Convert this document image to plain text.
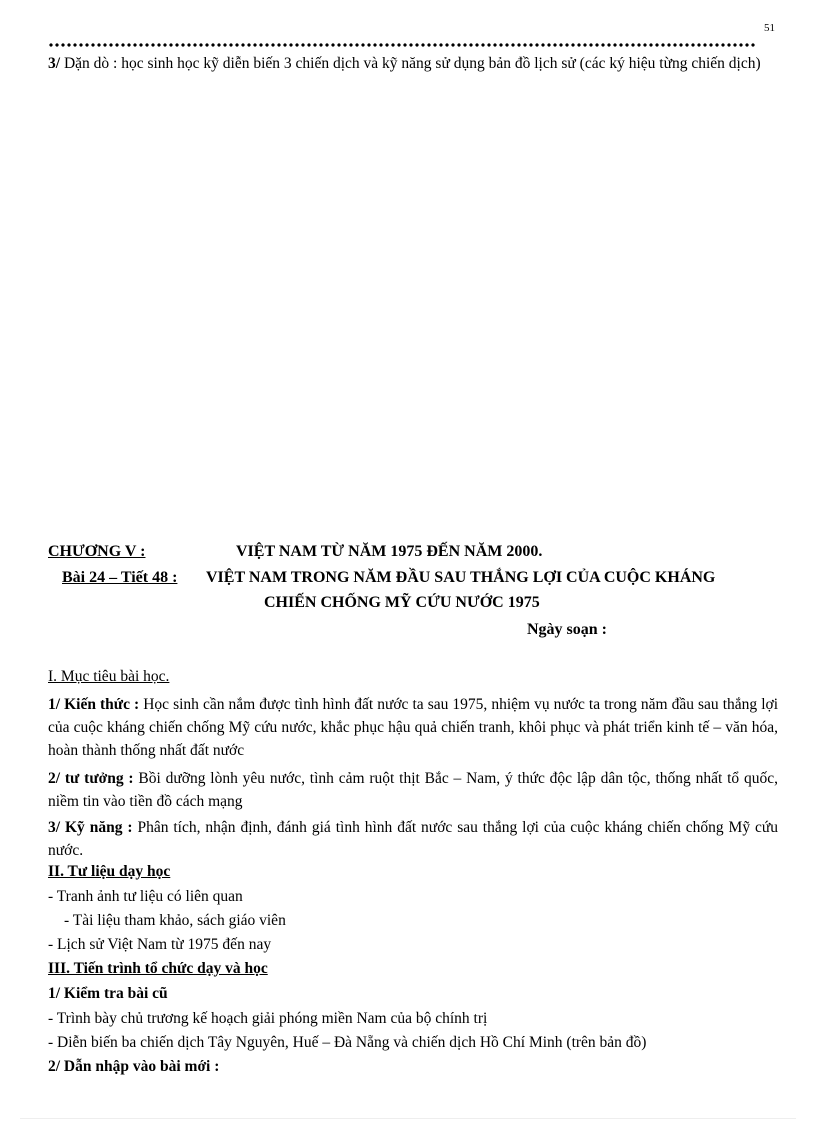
51
3/ Dặn dò : học sinh học kỹ diễn biến 3 chiến dịch và kỹ năng sử dụng bản đồ lịch sử (các ký hiệu từng chiến dịch)
CHƯƠNG V :	VIỆT NAM TỪ NĂM 1975 ĐẾN NĂM 2000.
Bài 24 – Tiết 48 : VIỆT NAM TRONG NĂM ĐẦU SAU THẮNG LỢI CỦA CUỘC KHÁNG
CHIẾN CHỐNG MỸ CỨU NƯỚC 1975
Ngày soạn :
I. Mục tiêu bài học.
1/ Kiến thức : Học sinh cần nắm được tình hình đất nước ta sau 1975, nhiệm vụ nước ta trong năm đầu sau thắng lợi của cuộc kháng chiến chống Mỹ cứu nước, khắc phục hậu quả chiến tranh, khôi phục và phát triển kinh tế – văn hóa, hoàn thành thống nhất đất nước
2/ tư tưởng : Bồi dưỡng lònh yêu nước, tình cảm ruột thịt Bắc – Nam, ý thức độc lập dân tộc, thống nhất tổ quốc, niềm tin vào tiền đồ cách mạng
3/ Kỹ năng : Phân tích, nhận định, đánh giá tình hình đất nước sau thắng lợi của cuộc kháng chiến chống Mỹ cứu nước.
II. Tư liệu dạy học
- Tranh ảnh tư liệu có liên quan
- Tài liệu tham khảo, sách giáo viên
- Lịch sử Việt Nam từ 1975 đến nay
III. Tiến trình tổ chức dạy và học
1/ Kiểm tra bài cũ
- Trình bày chủ trương kế hoạch giải phóng miền Nam của bộ chính trị
- Diễn biến ba chiến dịch Tây Nguyên, Huế – Đà Nẵng và chiến dịch Hồ Chí Minh (trên bản đồ)
2/ Dẫn nhập vào bài mới :
